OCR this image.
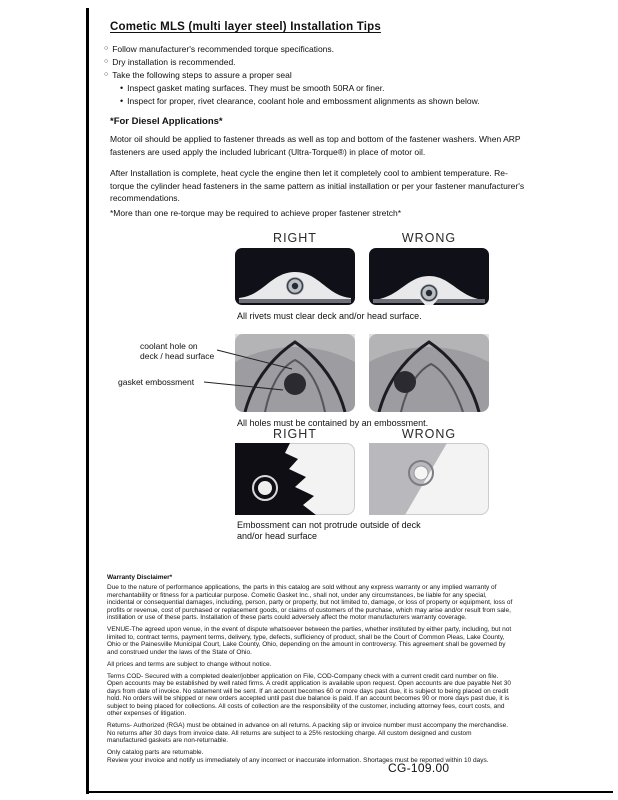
Cometic MLS (multi layer steel) Installation Tips
○ Follow manufacturer's recommended torque specifications.
○ Dry installation is recommended.
○ Take the following steps to assure a proper seal
• Inspect gasket mating surfaces. They must be smooth 50RA or finer.
• Inspect for proper, rivet clearance, coolant hole and embossment alignments as shown below.
*For Diesel Applications*
Motor oil should be applied to fastener threads as well as top and bottom of the fastener washers. When ARP fasteners are used apply the included lubricant (Ultra-Torque®) in place of motor oil.
After Installation is complete, heat cycle the engine then let it completely cool to ambient temperature. Re-torque the cylinder head fasteners in the same pattern as initial installation or per your fastener manufacturer's recommendations.
*More than one re-torque may be required to achieve proper fastener stretch*
RIGHT	WRONG
All rivets must clear deck and/or head surface.
coolant hole on
deck / head surface
gasket embossment
All holes must be contained by an embossment.
RIGHT	WRONG
Embossment can not protrude outside of deck and/or head surface
Warranty Disclaimer*

Due to the nature of performance applications, the parts in this catalog are sold without any express warranty or any implied warranty of merchantability or fitness for a particular purpose. Cometic Gasket Inc., shall not, under any circumstances, be liable for any special, incidental or consequential damages, including, person, party or property, but not limited to, damage, or loss of property or equipment, loss of profits or revenue, cost of purchased or replacement goods, or claims of customers of the purchase, which may arise and/or result from sale, instillation or use of these parts. Installation of these parts could adversely affect the motor manufacturers warranty coverage.

VENUE-The agreed upon venue, in the event of dispute whatsoever between the parties, whether instituted by either party, including, but not limited to, contract terms, payment terms, delivery, type, defects, sufficiency of product, shall be the Court of Common Pleas, Lake County, Ohio or the Painesville Municipal Court, Lake County, Ohio, depending on the amount in controversy. This agreement shall be governed by and construed under the laws of the State of Ohio.

All prices and terms are subject to change without notice.

Terms COD- Secured with a completed dealer/jobber application on File, COD-Company check with a current credit card number on file. Open accounts may be established by well rated firms. A credit application is available upon request. Open accounts are due payable Net 30 days from date of invoice. No statement will be sent. If an account becomes 60 or more days past due, it is subject to being placed on credit hold. No orders will be shipped or new orders accepted until past due balance is paid. If an account becomes 90 or more days past due, it is subject to being placed for collections. All costs of collection are the responsibility of the customer, including attorney fees, court costs, and other expenses of litigation.

Returns- Authorized (RGA) must be obtained in advance on all returns. A packing slip or invoice number must accompany the merchandise. No returns after 30 days from invoice date. All returns are subject to a 25% restocking charge. All custom designed and custom manufactured gaskets are non-returnable.

Only catalog parts are returnable.

Review your invoice and notify us immediately of any incorrect or inaccurate information. Shortages must be reported within 10 days.

CG-109.00
